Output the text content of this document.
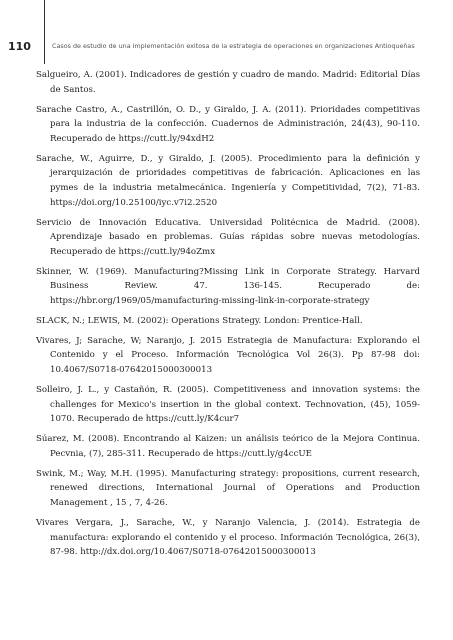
110	Casos de estudio de una implementación exitosa de la estrategia de operaciones en organizaciones Antioqueñas
Salgueiro, A. (2001). Indicadores de gestión y cuadro de mando. Madrid: Editorial Días de Santos.
Sarache Castro, A., Castrillón, O. D., y Giraldo, J. A. (2011). Prioridades competitivas para la industria de la confección. Cuadernos de Administración, 24(43), 90-110. Recuperado de https://cutt.ly/94xdH2
Sarache, W., Aguirre, D., y Giraldo, J. (2005). Procedimiento para la definición y jerarquización de prioridades competitivas de fabricación. Aplicaciones en las pymes de la industria metalmecánica. Ingeniería y Competitividad, 7(2), 71-83. https://doi.org/10.25100/iyc.v7i2.2520
Servicio de Innovación Educativa. Universidad Politécnica de Madrid. (2008). Aprendizaje basado en problemas. Guías rápidas sobre nuevas metodologías. Recuperado de https://cutt.ly/94oZmx
Skinner, W. (1969). Manufacturing?Missing Link in Corporate Strategy. Harvard Business Review. 47. 136-145. Recuperado de: https://hbr.org/1969/05/manufacturing-missing-link-in-corporate-strategy
SLACK, N.; LEWIS, M. (2002): Operations Strategy. London: Prentice-Hall.
Vivares, J; Sarache, W; Naranjo, J. 2015 Estrategia de Manufactura: Explorando el Contenido y el Proceso. Información Tecnológica Vol 26(3). Pp 87-98 doi: 10.4067/S0718-07642015000300013
Solleiro, J. L., y Castañón, R. (2005). Competitiveness and innovation systems: the challenges for Mexico's insertion in the global context. Technovation, (45), 1059-1070. Recuperado de https://cutt.ly/K4cur7
Súarez, M. (2008). Encontrando al Kaizen: un análisis teórico de la Mejora Continua. Pecvnia, (7), 285-311. Recuperado de https://cutt.ly/g4ccUE
Swink, M.; Way, M.H. (1995). Manufacturing strategy: propositions, current research, renewed directions, International Journal of Operations and Production Management , 15 , 7, 4-26.
Vivares Vergara, J., Sarache, W., y Naranjo Valencia, J. (2014). Estrategia de manufactura: explorando el contenido y el proceso. Información Tecnológica, 26(3), 87-98. http://dx.doi.org/10.4067/S0718-07642015000300013
